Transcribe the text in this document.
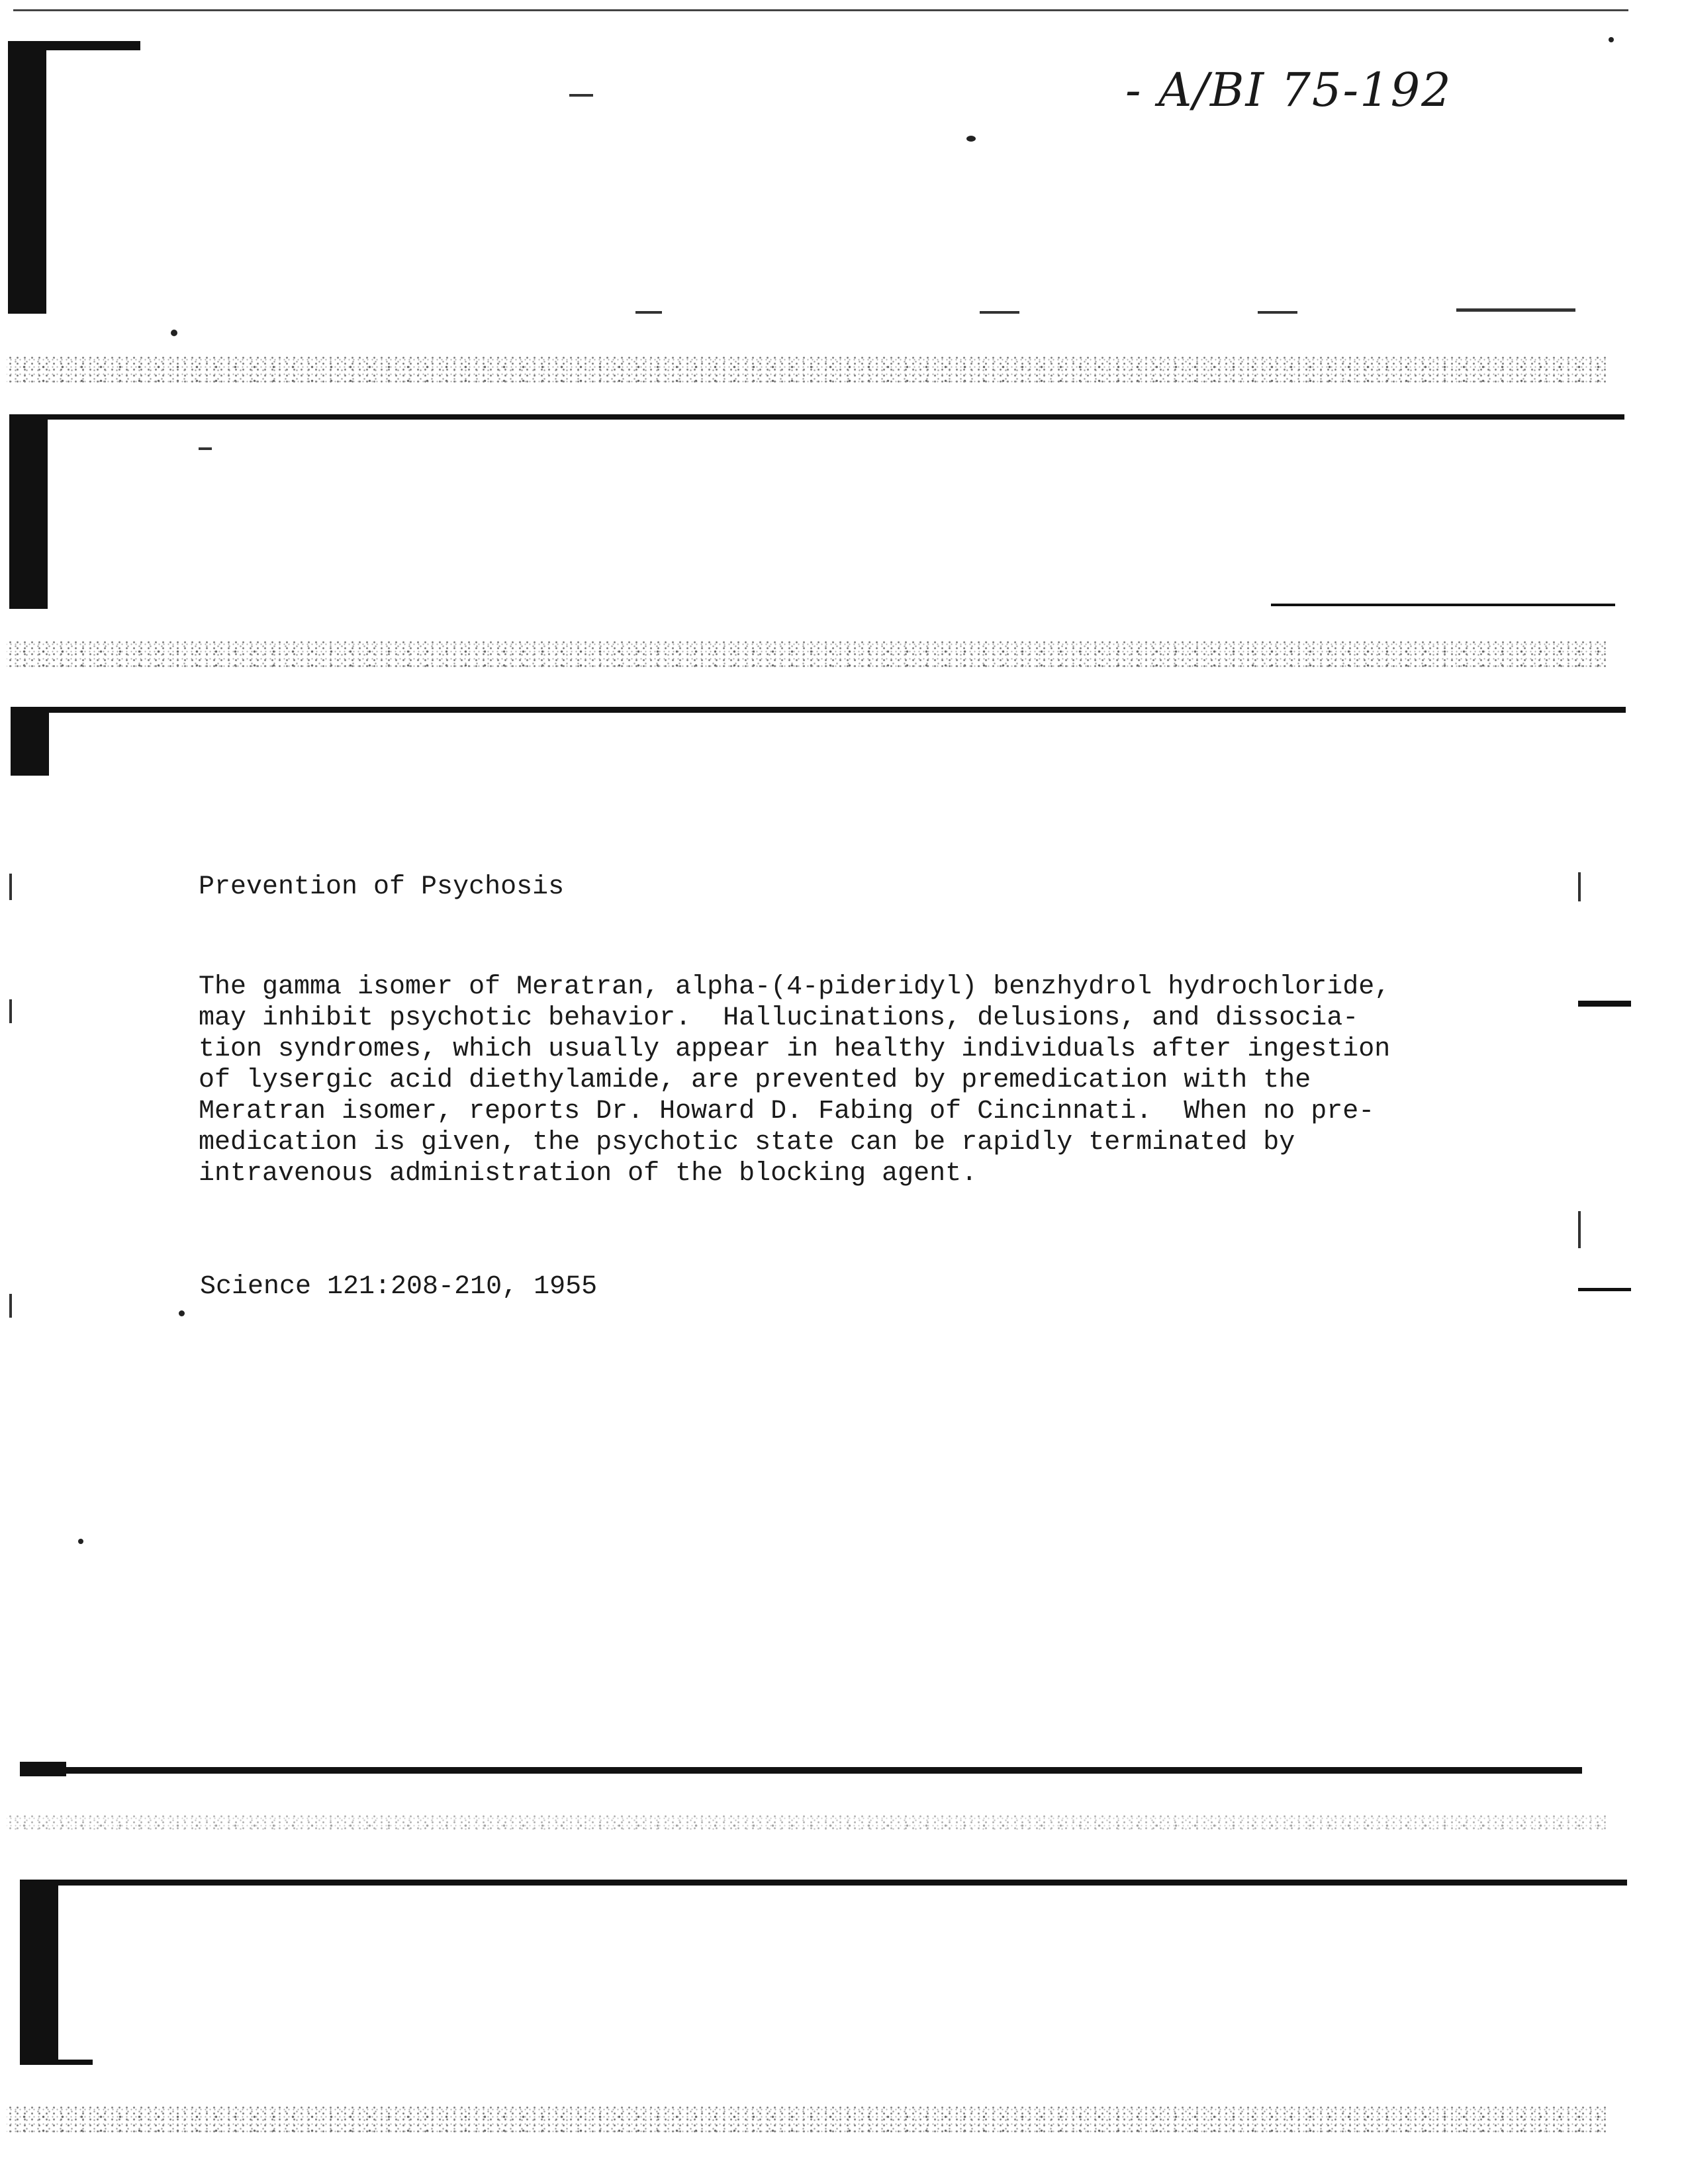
- A/BI 75-192
Prevention of Psychosis
The gamma isomer of Meratran, alpha-(4-pideridyl) benzhydrol hydrochloride,
may inhibit psychotic behavior.  Hallucinations, delusions, and dissocia-
tion syndromes, which usually appear in healthy individuals after ingestion
of lysergic acid diethylamide, are prevented by premedication with the
Meratran isomer, reports Dr. Howard D. Fabing of Cincinnati.  When no pre-
medication is given, the psychotic state can be rapidly terminated by
intravenous administration of the blocking agent.
Science 121:208-210, 1955
